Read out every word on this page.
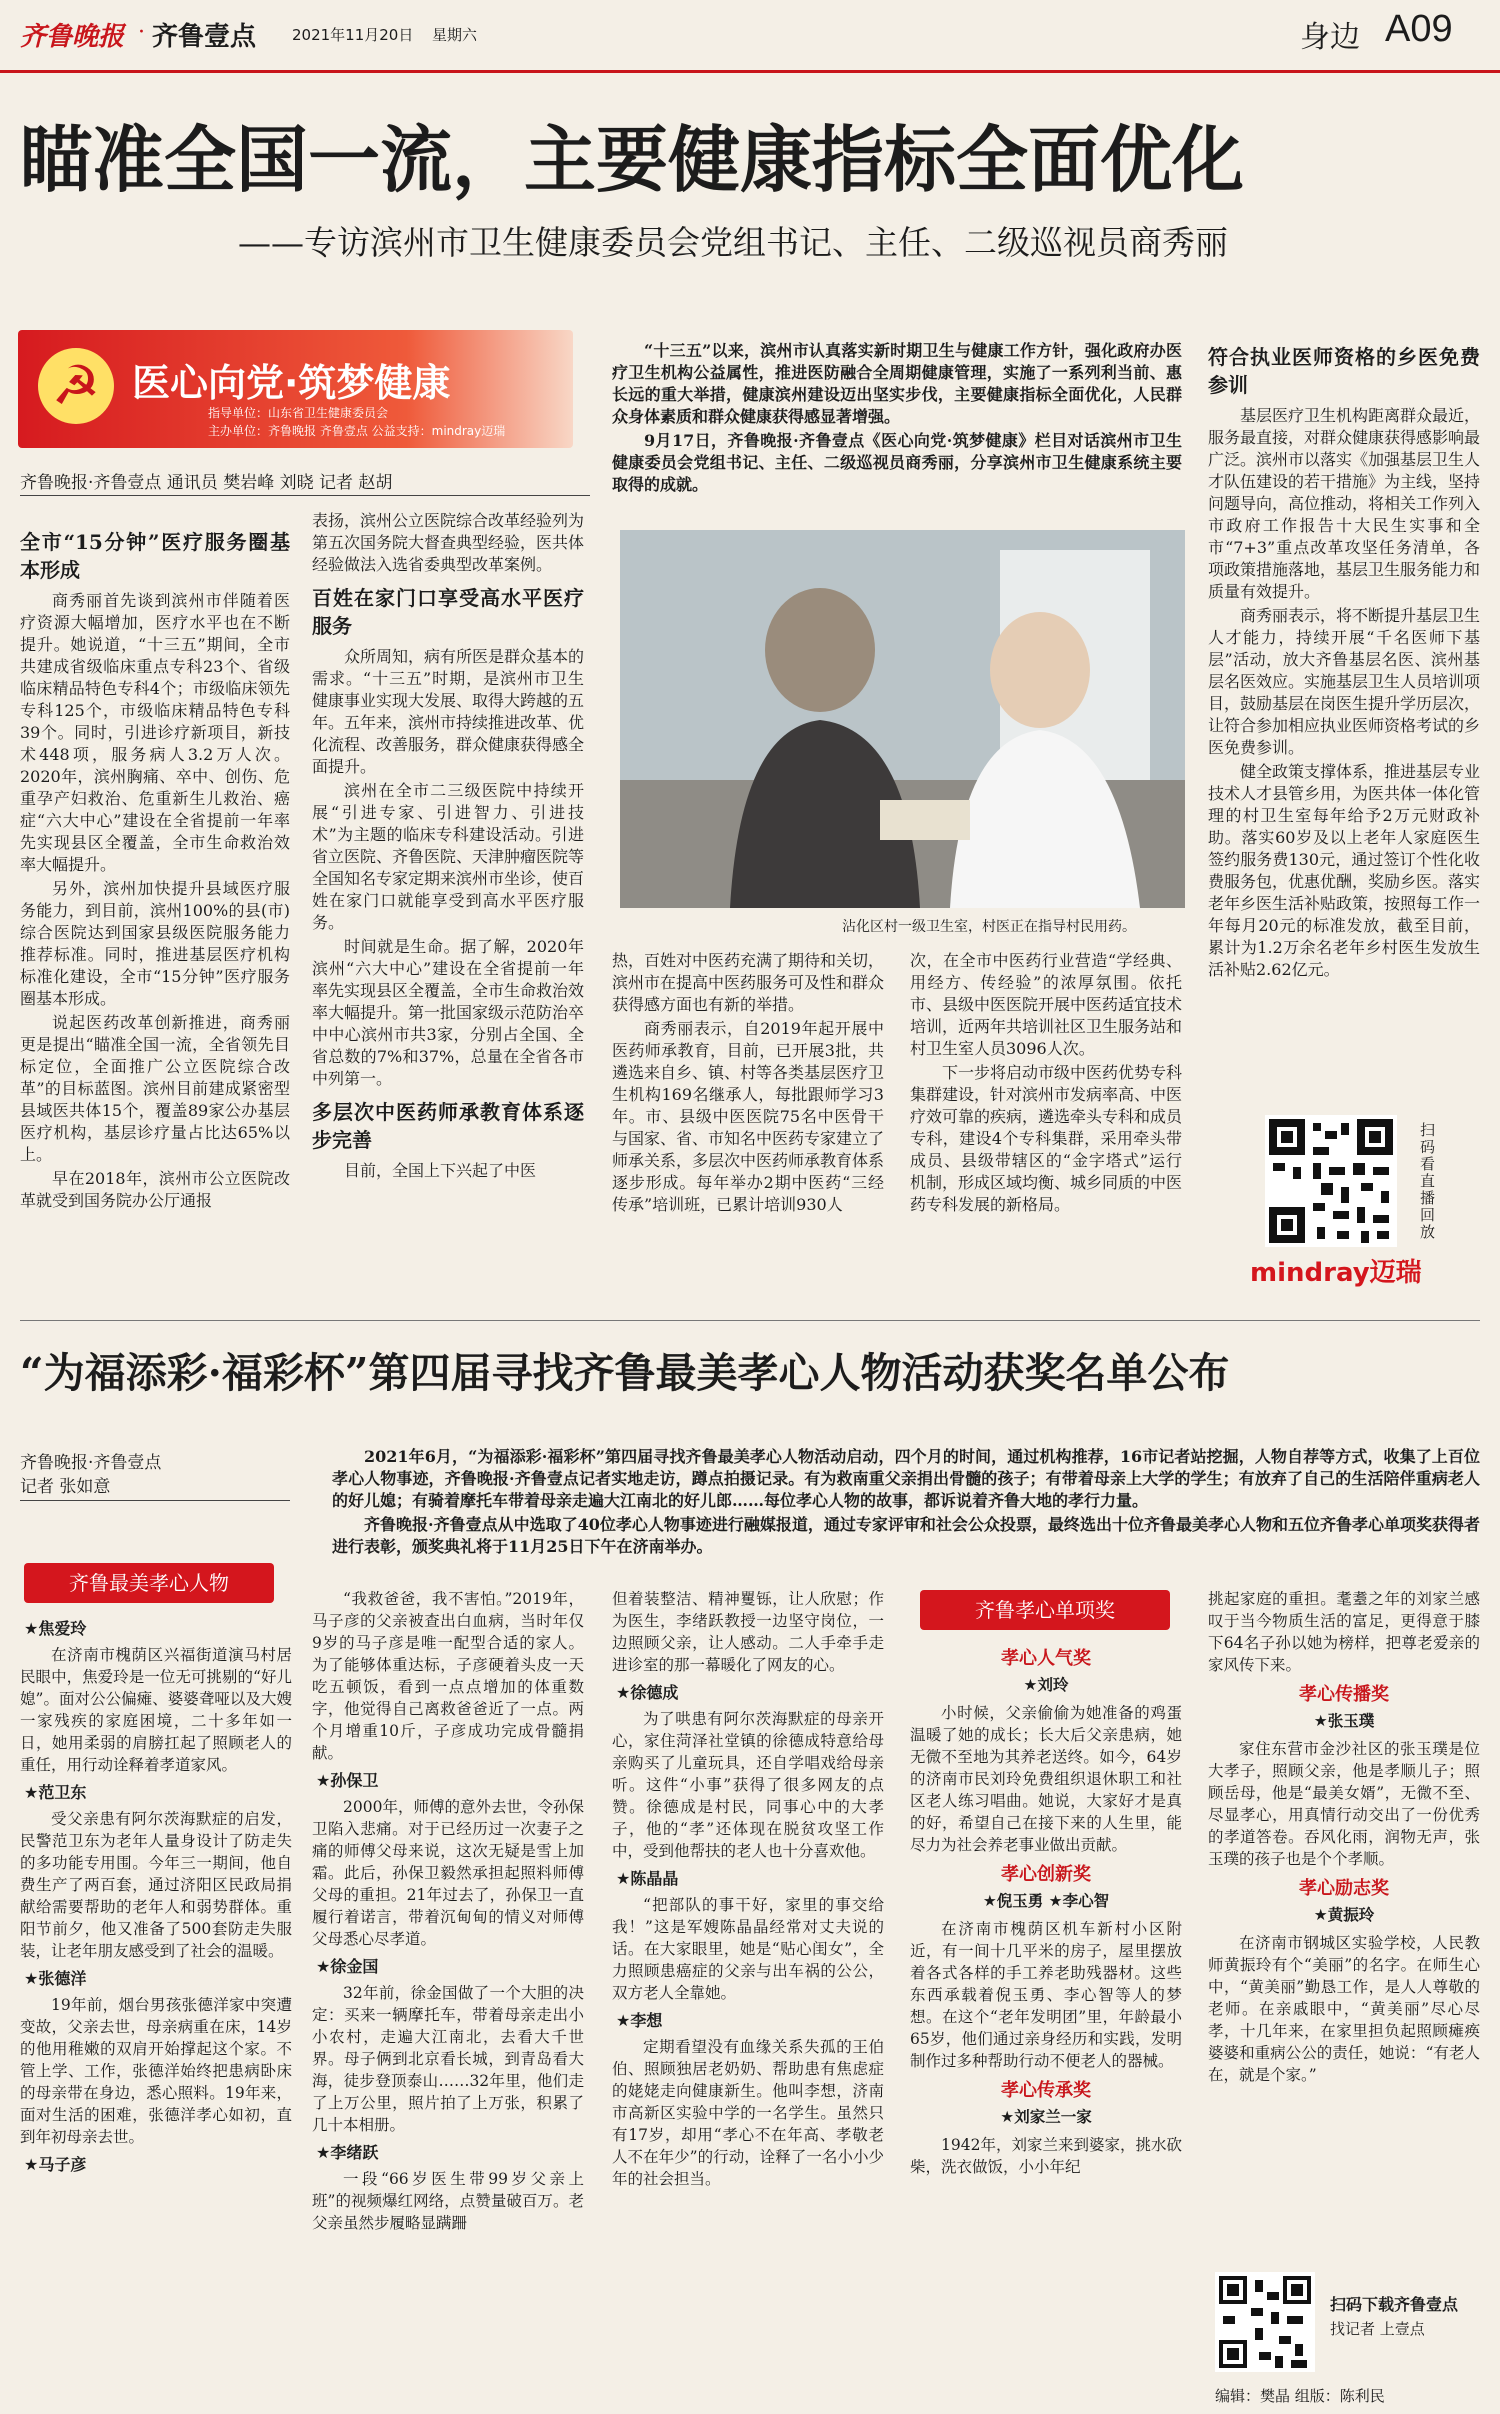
齐鲁晚报 · 齐鲁壹点 2021年11月20日 星期六	身边 A09
瞄准全国一流，主要健康指标全面优化
——专访滨州市卫生健康委员会党组书记、主任、二级巡视员商秀丽
☭ 医心向党·筑梦健康
指导单位：山东省卫生健康委员会
主办单位：齐鲁晚报 齐鲁壹点 公益支持：mindray迈瑞
齐鲁晚报·齐鲁壹点 通讯员 樊岩峰 刘晓 记者 赵胡

全市“15分钟”医疗服务圈基本形成

商秀丽首先谈到滨州市伴随着医疗资源大幅增加，医疗水平也在不断提升。她说道，“十三五”期间，全市共建成省级临床重点专科23个、省级临床精品特色专科4个；市级临床领先专科125个，市级临床精品特色专科39个。同时，引进诊疗新项目，新技术448项，服务病人3.2万人次。2020年，滨州胸痛、卒中、创伤、危重孕产妇救治、危重新生儿救治、癌症“六大中心”建设在全省提前一年率先实现县区全覆盖，全市生命救治效率大幅提升。

另外，滨州加快提升县域医疗服务能力，到目前，滨州100%的县(市)综合医院达到国家县级医院服务能力推荐标准。同时，推进基层医疗机构标准化建设，全市“15分钟”医疗服务圈基本形成。

说起医药改革创新推进，商秀丽更是提出“瞄准全国一流，全省领先目标定位，全面推广公立医院综合改革”的目标蓝图。滨州目前建成紧密型县域医共体15个，覆盖89家公办基层医疗机构，基层诊疗量占比达65%以上。

早在2018年，滨州市公立医院改革就受到国务院办公厅通报

表扬，滨州公立医院综合改革经验列为第五次国务院大督查典型经验，医共体经验做法入选省委典型改革案例。

百姓在家门口享受高水平医疗服务

众所周知，病有所医是群众基本的需求。“十三五”时期，是滨州市卫生健康事业实现大发展、取得大跨越的五年。五年来，滨州市持续推进改革、优化流程、改善服务，群众健康获得感全面提升。

滨州在全市二三级医院中持续开展“引进专家、引进智力、引进技术”为主题的临床专科建设活动。引进省立医院、齐鲁医院、天津肿瘤医院等全国知名专家定期来滨州市坐诊，使百姓在家门口就能享受到高水平医疗服务。

时间就是生命。据了解，2020年滨州“六大中心”建设在全省提前一年率先实现县区全覆盖，全市生命救治效率大幅提升。第一批国家级示范防治卒中中心滨州市共3家，分别占全国、全省总数的7%和37%，总量在全省各市中列第一。

多层次中医药师承教育体系逐步完善

目前，全国上下兴起了中医

“十三五”以来，滨州市认真落实新时期卫生与健康工作方针，强化政府办医疗卫生机构公益属性，推进医防融合全周期健康管理，实施了一系列利当前、惠长远的重大举措，健康滨州建设迈出坚实步伐，主要健康指标全面优化，人民群众身体素质和群众健康获得感显著增强。

9月17日，齐鲁晚报·齐鲁壹点《医心向党·筑梦健康》栏目对话滨州市卫生健康委员会党组书记、主任、二级巡视员商秀丽，分享滨州市卫生健康系统主要取得的成就。

沾化区村一级卫生室，村医正在指导村民用药。

热，百姓对中医药充满了期待和关切，滨州市在提高中医药服务可及性和群众获得感方面也有新的举措。

商秀丽表示，自2019年起开展中医药师承教育，目前，已开展3批，共遴选来自乡、镇、村等各类基层医疗卫生机构169名继承人，每批跟师学习3年。市、县级中医医院75名中医骨干与国家、省、市知名中医药专家建立了师承关系，多层次中医药师承教育体系逐步形成。每年举办2期中医药“三经传承”培训班，已累计培训930人

次，在全市中医药行业营造“学经典、用经方、传经验”的浓厚氛围。依托市、县级中医医院开展中医药适宜技术培训，近两年共培训社区卫生服务站和村卫生室人员3096人次。

下一步将启动市级中医药优势专科集群建设，针对滨州市发病率高、中医疗效可靠的疾病，遴选牵头专科和成员专科，建设4个专科集群，采用牵头带成员、县级带辖区的“金字塔式”运行机制，形成区域均衡、城乡同质的中医药专科发展的新格局。

符合执业医师资格的乡医免费参训

基层医疗卫生机构距离群众最近，服务最直接，对群众健康获得感影响最广泛。滨州市以落实《加强基层卫生人才队伍建设的若干措施》为主线，坚持问题导向，高位推动，将相关工作列入市政府工作报告十大民生实事和全市“7+3”重点改革攻坚任务清单，各项政策措施落地，基层卫生服务能力和质量有效提升。

商秀丽表示，将不断提升基层卫生人才能力，持续开展“千名医师下基层”活动，放大齐鲁基层名医、滨州基层名医效应。实施基层卫生人员培训项目，鼓励基层在岗医生提升学历层次，让符合参加相应执业医师资格考试的乡医免费参训。

健全政策支撑体系，推进基层专业技术人才县管乡用，为医共体一体化管理的村卫生室每年给予2万元财政补助。落实60岁及以上老年人家庭医生签约服务费130元，通过签订个性化收费服务包，优惠优酬，奖励乡医。落实老年乡医生活补贴政策，按照每工作一年每月20元的标准发放，截至目前，累计为1.2万余名老年乡村医生发放生活补贴2.62亿元。

扫码看直播回放
mindray迈瑞
“为福添彩·福彩杯”第四届寻找齐鲁最美孝心人物活动获奖名单公布
齐鲁晚报·齐鲁壹点
记者 张如意

2021年6月，“为福添彩·福彩杯”第四届寻找齐鲁最美孝心人物活动启动，四个月的时间，通过机构推荐，16市记者站挖掘，人物自荐等方式，收集了上百位孝心人物事迹，齐鲁晚报·齐鲁壹点记者实地走访，蹲点拍摄记录。有为救南重父亲捐出骨髓的孩子；有带着母亲上大学的学生；有放弃了自己的生活陪伴重病老人的好儿媳；有骑着摩托车带着母亲走遍大江南北的好儿郎……每位孝心人物的故事，都诉说着齐鲁大地的孝行力量。

齐鲁晚报·齐鲁壹点从中选取了40位孝心人物事迹进行融媒报道，通过专家评审和社会公众投票，最终选出十位齐鲁最美孝心人物和五位齐鲁孝心单项奖获得者进行表彰，颁奖典礼将于11月25日下午在济南举办。

齐鲁最美孝心人物

★焦爱玲

在济南市槐荫区兴福街道演马村居民眼中，焦爱玲是一位无可挑剔的“好儿媳”。面对公公偏瘫、婆婆聋哑以及大嫂一家残疾的家庭困境，二十多年如一日，她用柔弱的肩膀扛起了照顾老人的重任，用行动诠释着孝道家风。

★范卫东

受父亲患有阿尔茨海默症的启发，民警范卫东为老年人量身设计了防走失的多功能专用围。今年三一期间，他自费生产了两百套，通过济阳区民政局捐献给需要帮助的老年人和弱势群体。重阳节前夕，他又准备了500套防走失服装，让老年朋友感受到了社会的温暖。

★张德洋

19年前，烟台男孩张德洋家中突遭变故，父亲去世，母亲病重在床，14岁的他用稚嫩的双肩开始撑起这个家。不管上学、工作，张德洋始终把患病卧床的母亲带在身边，悉心照料。19年来，面对生活的困难，张德洋孝心如初，直到年初母亲去世。

★马子彦

“我救爸爸，我不害怕。”2019年，马子彦的父亲被查出白血病，当时年仅9岁的马子彦是唯一配型合适的家人。为了能够体重达标，子彦硬着头皮一天吃五顿饭，看到一点点增加的体重数字，他觉得自己离救爸爸近了一点。两个月增重10斤，子彦成功完成骨髓捐献。

★孙保卫

2000年，师傅的意外去世，令孙保卫陷入悲痛。对于已经历过一次妻子之痛的师傅父母来说，这次无疑是雪上加霜。此后，孙保卫毅然承担起照料师傅父母的重担。21年过去了，孙保卫一直履行着诺言，带着沉甸甸的情义对师傅父母悉心尽孝道。

★徐金国

32年前，徐金国做了一个大胆的决定：买来一辆摩托车，带着母亲走出小小农村，走遍大江南北，去看大千世界。母子俩到北京看长城，到青岛看大海，徒步登顶泰山……32年里，他们走了上万公里，照片拍了上万张，积累了几十本相册。

★李绪跃

一段“66岁医生带99岁父亲上班”的视频爆红网络，点赞量破百万。老父亲虽然步履略显蹒跚

但着装整洁、精神矍铄，让人欣慰；作为医生，李绪跃教授一边坚守岗位，一边照顾父亲，让人感动。二人手牵手走进诊室的那一幕暖化了网友的心。

★徐德成

为了哄患有阿尔茨海默症的母亲开心，家住菏泽社堂镇的徐德成特意给母亲购买了儿童玩具，还自学唱戏给母亲听。这件“小事”获得了很多网友的点赞。徐德成是村民，同事心中的大孝子，他的“孝”还体现在脱贫攻坚工作中，受到他帮扶的老人也十分喜欢他。

★陈晶晶

“把部队的事干好，家里的事交给我！”这是军嫂陈晶晶经常对丈夫说的话。在大家眼里，她是“贴心闺女”，全力照顾患癌症的父亲与出车祸的公公，双方老人全靠她。

★李想

定期看望没有血缘关系失孤的王伯伯、照顾独居老奶奶、帮助患有焦虑症的姥姥走向健康新生。他叫李想，济南市高新区实验中学的一名学生。虽然只有17岁，却用“孝心不在年高、孝敬老人不在年少”的行动，诠释了一名小小少年的社会担当。

齐鲁孝心单项奖

孝心人气奖

★刘玲

小时候，父亲偷偷为她准备的鸡蛋温暖了她的成长；长大后父亲患病，她无微不至地为其养老送终。如今，64岁的济南市民刘玲免费组织退休职工和社区老人练习唱曲。她说，大家好才是真的好，希望自己在接下来的人生里，能尽力为社会养老事业做出贡献。

孝心创新奖

★倪玉勇 ★李心智

在济南市槐荫区机车新村小区附近，有一间十几平米的房子，屋里摆放着各式各样的手工养老助残器材。这些东西承载着倪玉勇、李心智等人的梦想。在这个“老年发明团”里，年龄最小65岁，他们通过亲身经历和实践，发明制作过多种帮助行动不便老人的器械。

孝心传承奖

★刘家兰一家

1942年，刘家兰来到婆家，挑水砍柴，洗衣做饭，小小年纪

挑起家庭的重担。耄耋之年的刘家兰感叹于当今物质生活的富足，更得意于膝下64名子孙以她为榜样，把尊老爱亲的家风传下来。

孝心传播奖

★张玉璞

家住东营市金沙社区的张玉璞是位大孝子，照顾父亲，他是孝顺儿子；照顾岳母，他是“最美女婿”，无微不至、尽显孝心，用真情行动交出了一份优秀的孝道答卷。吞风化雨，润物无声，张玉璞的孩子也是个个孝顺。

孝心励志奖

★黄振玲

在济南市钢城区实验学校，人民教师黄振玲有个“美丽”的名字。在师生心中，“黄美丽”勤恳工作，是人人尊敬的老师。在亲戚眼中，“黄美丽”尽心尽孝，十几年来，在家里担负起照顾瘫痪婆婆和重病公公的责任，她说：“有老人在，就是个家。”

扫码下载齐鲁壹点
找记者 上壹点
编辑：樊晶 组版：陈利民
